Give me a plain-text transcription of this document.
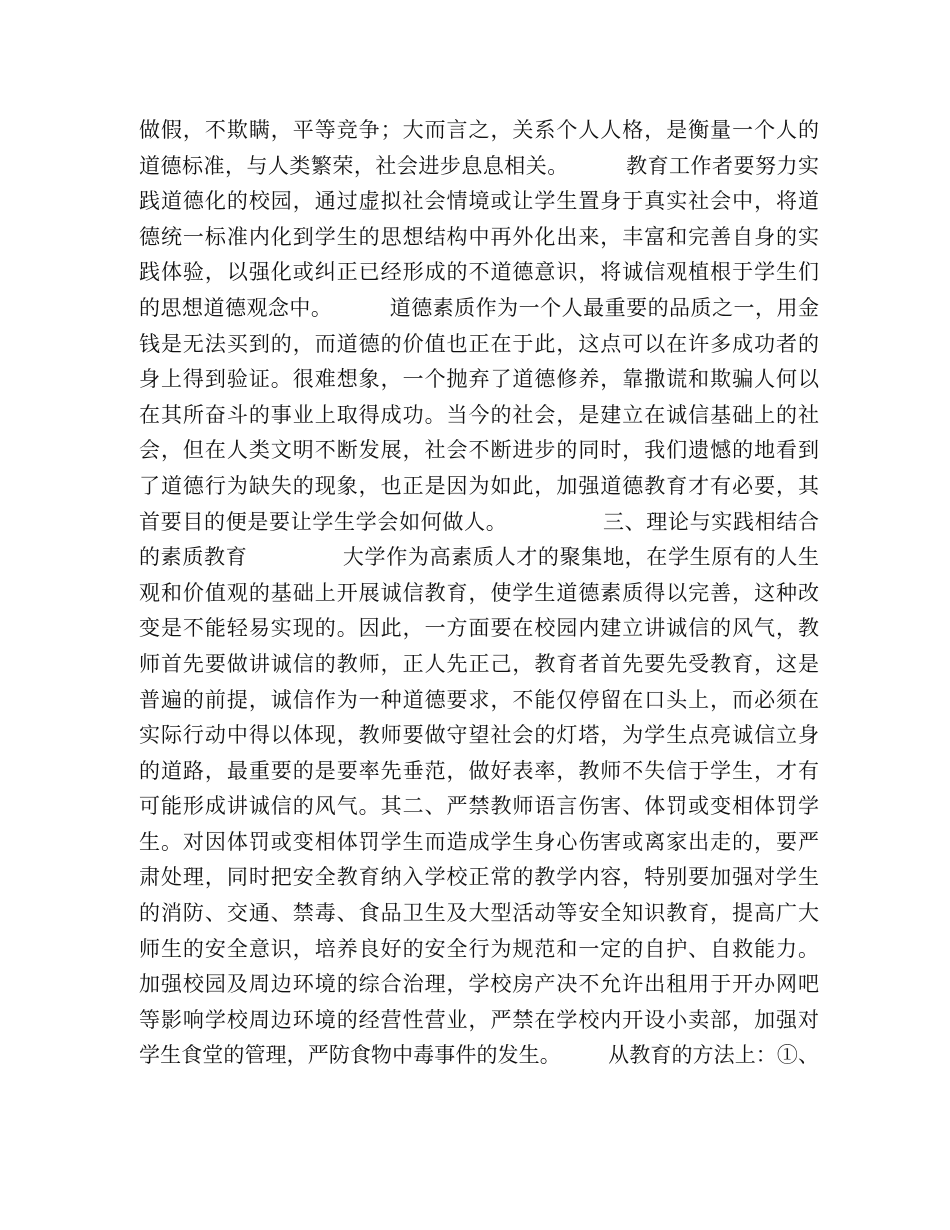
做假，不欺瞒，平等竞争；大而言之，关系个人人格，是衡量一个人的
道德标准，与人类繁荣，社会进步息息相关。        教育工作者要努力实
践道德化的校园，通过虚拟社会情境或让学生置身于真实社会中，将道
德统一标准内化到学生的思想结构中再外化出来，丰富和完善自身的实
践体验，以强化或纠正已经形成的不道德意识，将诚信观植根于学生们
的思想道德观念中。        道德素质作为一个人最重要的品质之一，用金
钱是无法买到的，而道德的价值也正在于此，这点可以在许多成功者的
身上得到验证。很难想象，一个抛弃了道德修养，靠撒谎和欺骗人何以
在其所奋斗的事业上取得成功。当今的社会，是建立在诚信基础上的社
会，但在人类文明不断发展，社会不断进步的同时，我们遗憾的地看到
了道德行为缺失的现象，也正是因为如此，加强道德教育才有必要，其
首要目的便是要让学生学会如何做人。             三、理论与实践相结合
的素质教育             大学作为高素质人才的聚集地，在学生原有的人生
观和价值观的基础上开展诚信教育，使学生道德素质得以完善，这种改
变是不能轻易实现的。因此，一方面要在校园内建立讲诚信的风气，教
师首先要做讲诚信的教师，正人先正己，教育者首先要先受教育，这是
普遍的前提，诚信作为一种道德要求，不能仅停留在口头上，而必须在
实际行动中得以体现，教师要做守望社会的灯塔，为学生点亮诚信立身
的道路，最重要的是要率先垂范，做好表率，教师不失信于学生，才有
可能形成讲诚信的风气。其二、严禁教师语言伤害、体罚或变相体罚学
生。对因体罚或变相体罚学生而造成学生身心伤害或离家出走的，要严
肃处理，同时把安全教育纳入学校正常的教学内容，特别要加强对学生
的消防、交通、禁毒、食品卫生及大型活动等安全知识教育，提高广大
师生的安全意识，培养良好的安全行为规范和一定的自护、自救能力。
加强校园及周边环境的综合治理，学校房产决不允许出租用于开办网吧
等影响学校周边环境的经营性营业，严禁在学校内开设小卖部，加强对
学生食堂的管理，严防食物中毒事件的发生。       从教育的方法上：①、
